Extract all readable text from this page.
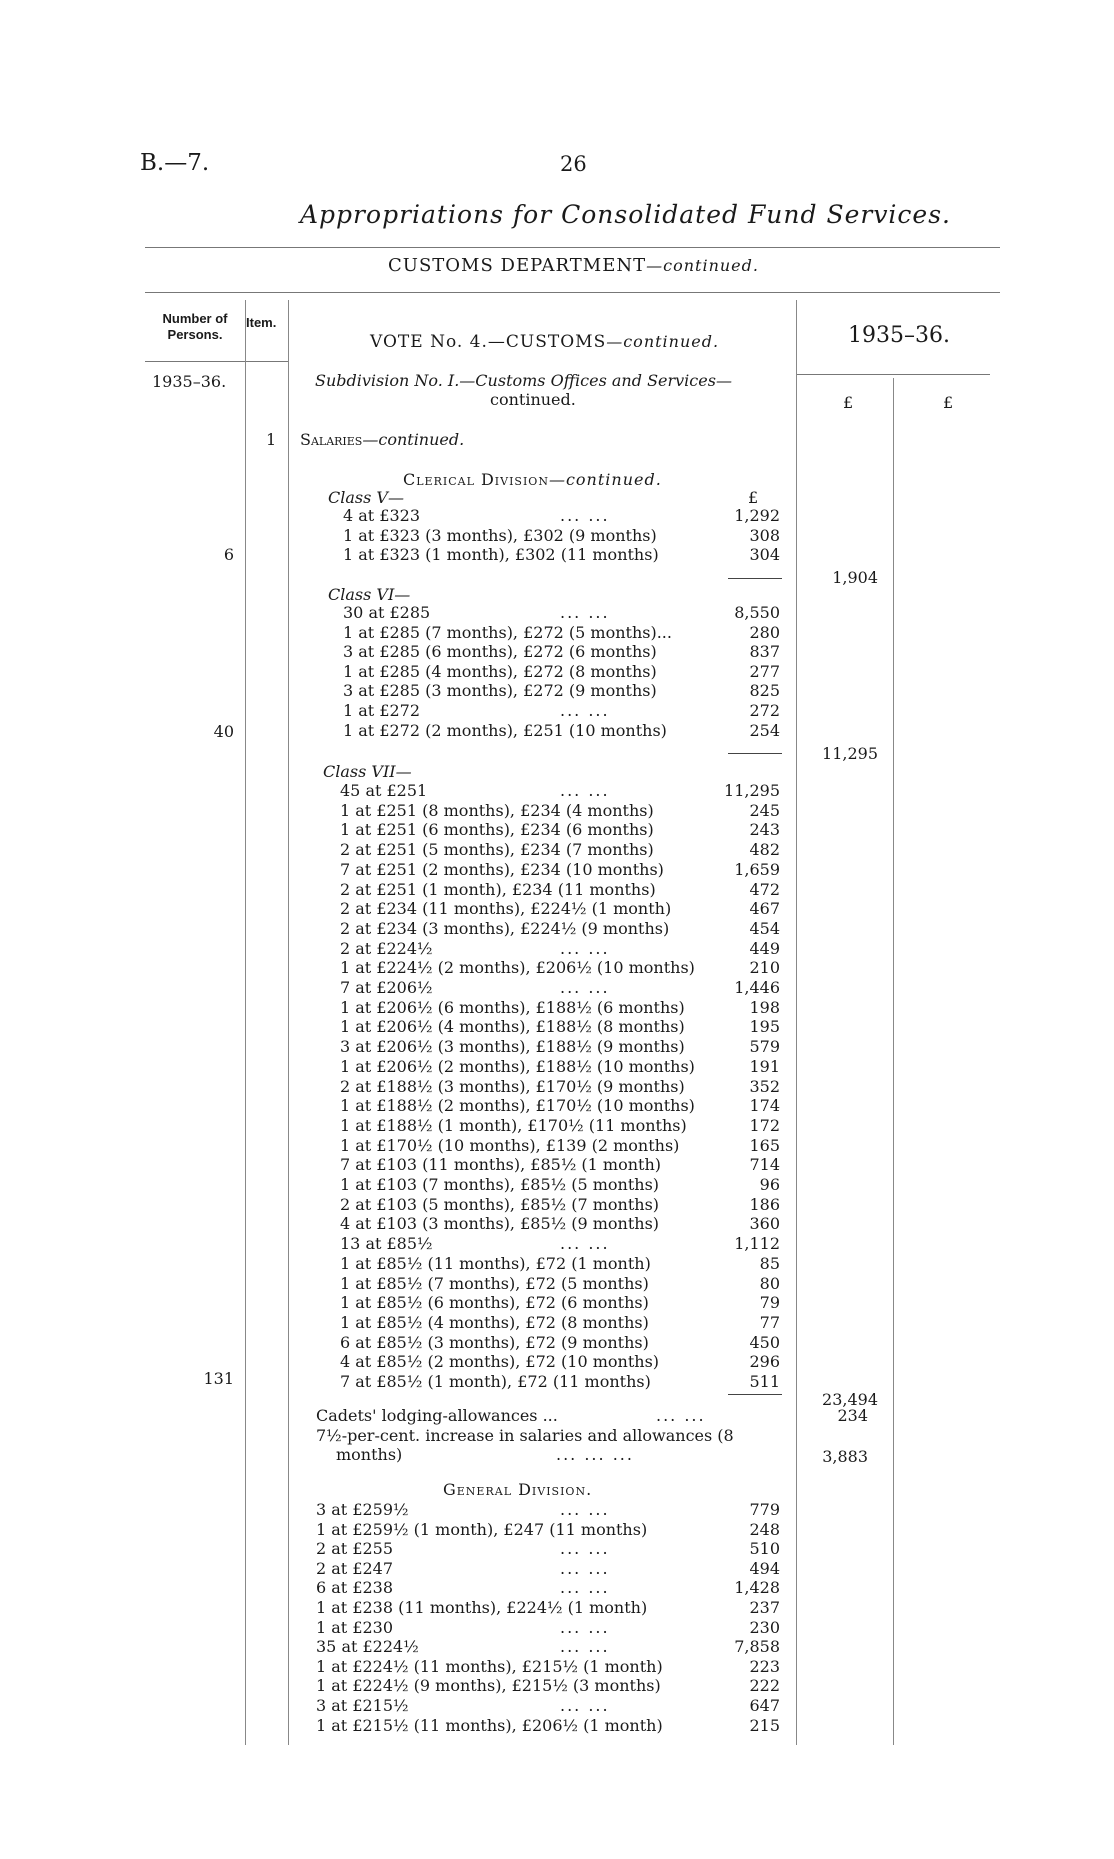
B.—7.	26
Appropriations for Consolidated Fund Services.
CUSTOMS DEPARTMENT—continued.
Number of Persons.
Item.
VOTE No. 4.—CUSTOMS—continued.	1935–36.
1935–36.	Subdivision No. I.—Customs Offices and Services—
continued.	£	£
1 Salaries—continued.
Clerical Division—continued.
Class V—	£
4 at £323	... ...	1,292
1 at £323 (3 months), £302 (9 months)	308
1 at £323 (1 month), £302 (11 months)	304
6
1,904
Class VI—
30 at £285	... ...	8,550
1 at £285 (7 months), £272 (5 months)...	280
3 at £285 (6 months), £272 (6 months)	837
1 at £285 (4 months), £272 (8 months)	277
3 at £285 (3 months), £272 (9 months)	825
1 at £272	... ...	272
1 at £272 (2 months), £251 (10 months)	254
40
11,295
Class VII—
45 at £251	... ...	11,295
1 at £251 (8 months), £234 (4 months)	245
1 at £251 (6 months), £234 (6 months)	243
2 at £251 (5 months), £234 (7 months)	482
7 at £251 (2 months), £234 (10 months)	1,659
2 at £251 (1 month), £234 (11 months)	472
2 at £234 (11 months), £224½ (1 month)	467
2 at £234 (3 months), £224½ (9 months)	454
2 at £224½	... ...	449
1 at £224½ (2 months), £206½ (10 months)	210
7 at £206½	... ...	1,446
1 at £206½ (6 months), £188½ (6 months)	198
1 at £206½ (4 months), £188½ (8 months)	195
3 at £206½ (3 months), £188½ (9 months)	579
1 at £206½ (2 months), £188½ (10 months)	191
2 at £188½ (3 months), £170½ (9 months)	352
1 at £188½ (2 months), £170½ (10 months)	174
1 at £188½ (1 month), £170½ (11 months)	172
1 at £170½ (10 months), £139 (2 months)	165
7 at £103 (11 months), £85½ (1 month)	714
1 at £103 (7 months), £85½ (5 months)	96
2 at £103 (5 months), £85½ (7 months)	186
4 at £103 (3 months), £85½ (9 months)	360
13 at £85½	... ...	1,112
1 at £85½ (11 months), £72 (1 month)	85
1 at £85½ (7 months), £72 (5 months)	80
1 at £85½ (6 months), £72 (6 months)	79
1 at £85½ (4 months), £72 (8 months)	77
6 at £85½ (3 months), £72 (9 months)	450
4 at £85½ (2 months), £72 (10 months)	296
7 at £85½ (1 month), £72 (11 months)	511
131
23,494
Cadets' lodging-allowances ...	... ...	234
7½-per-cent. increase in salaries and allowances (8
months)	... ... ...	3,883
General Division.
3 at £259½	... ...	779
1 at £259½ (1 month), £247 (11 months)	248
2 at £255	... ...	510
2 at £247	... ...	494
6 at £238	... ...	1,428
1 at £238 (11 months), £224½ (1 month)	237
1 at £230	... ...	230
35 at £224½	... ...	7,858
1 at £224½ (11 months), £215½ (1 month)	223
1 at £224½ (9 months), £215½ (3 months)	222
3 at £215½	... ...	647
1 at £215½ (11 months), £206½ (1 month)	215
